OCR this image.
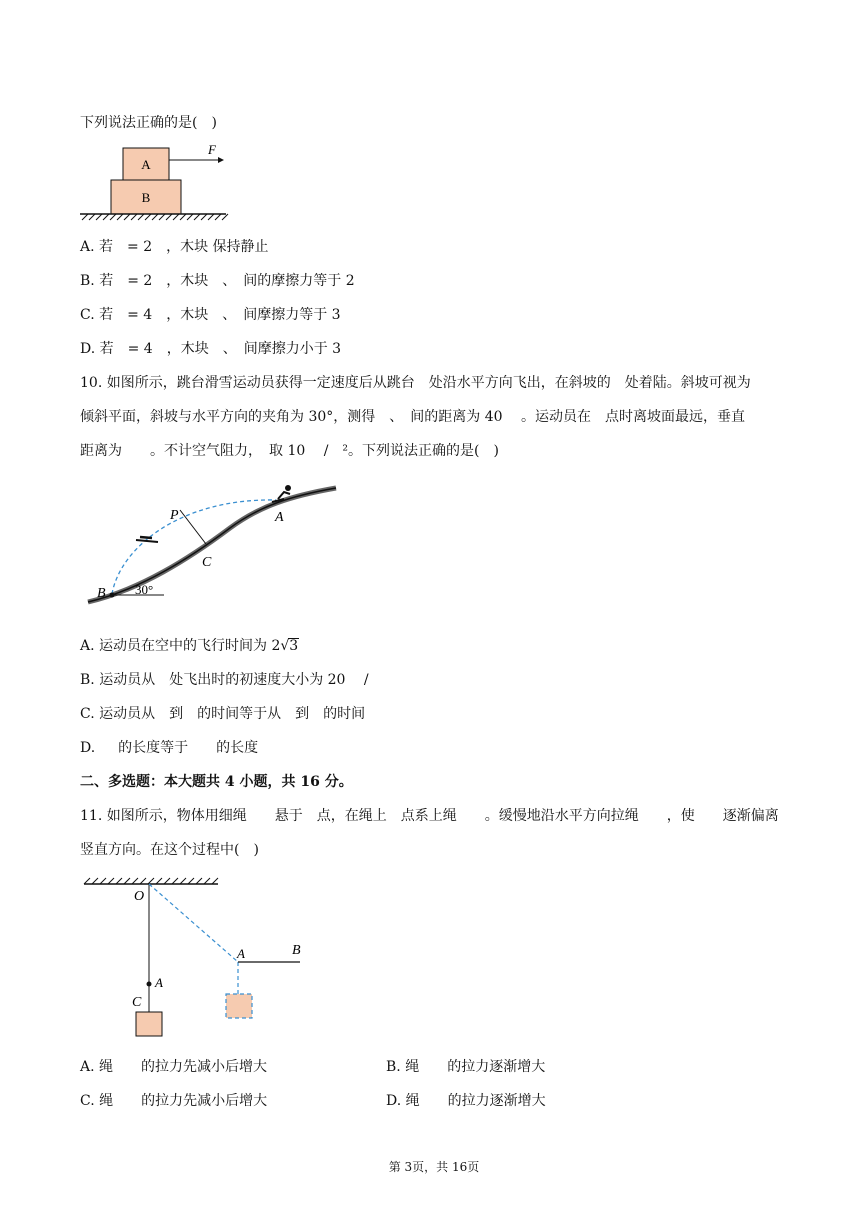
下列说法正确的是(　)
A
B
F
A. 若　= 2　，木块 保持静止
B. 若　= 2　，木块　、　间的摩擦力等于 2
C. 若　= 4　，木块　、　间摩擦力等于 3
D. 若　= 4　，木块　、　间摩擦力小于 3
10. 如图所示，跳台滑雪运动员获得一定速度后从跳台　处沿水平方向飞出，在斜坡的　处着陆。斜坡可视为
倾斜平面，斜坡与水平方向的夹角为 30°，测得　、　间的距离为 40　 。运动员在　点时离坡面最远，垂直
距离为　　。不计空气阻力，　取 10　 /　²。下列说法正确的是(　)
P	A
C
B 30°
A. 运动员在空中的飞行时间为 2√3
B. 运动员从　处飞出时的初速度大小为 20　 /
C. 运动员从　到　的时间等于从　到　的时间
D. 　 的长度等于　　的长度
二、多选题：本大题共 4 小题，共 16 分。
11. 如图所示，物体用细绳　　悬于　点，在绳上　点系上绳　　。缓慢地沿水平方向拉绳　　，使　　逐渐偏离
竖直方向。在这个过程中(　)
O
A
C
A	B
A. 绳　　的拉力先减小后增大	B. 绳　　的拉力逐渐增大
C. 绳　　的拉力先减小后增大	D. 绳　　的拉力逐渐增大
第 3页，共 16页
